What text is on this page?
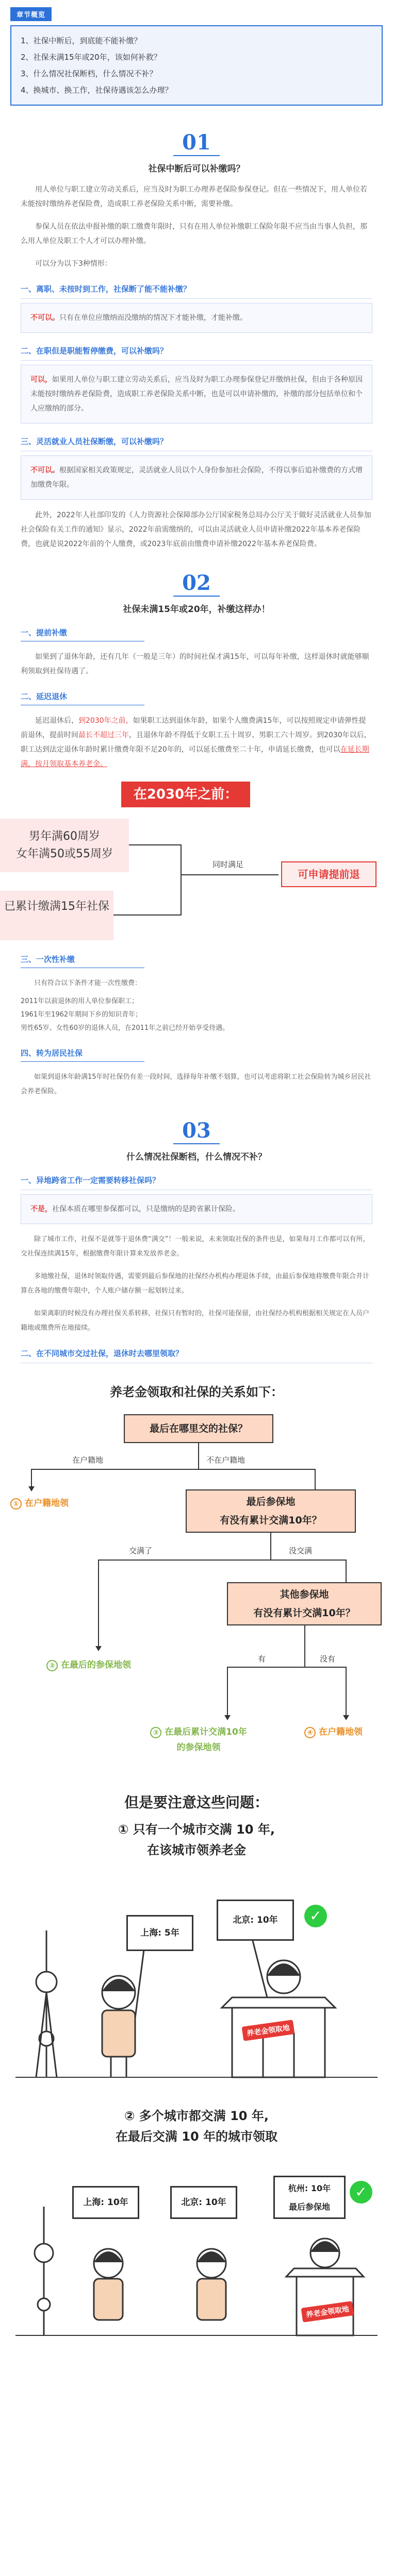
章节概览
1、社保中断后，到底能不能补缴？
2、社保未满15年或20年，该如何补救？
3、什么情况社保断档，什么情况不补？
4、换城市、换工作，社保待遇该怎么办理？
01
社保中断后可以补缴吗？
用人单位与职工建立劳动关系后，应当及时为职工办理养老保险参保登记。但在一些情况下，用人单位若未能按时缴纳养老保险费，造成职工养老保险关系中断，需要补缴。
参保人员在依法申报补缴的职工缴费年限时，只有在用人单位补缴职工保险年限不应当由当事人负担，那么用人单位及职工个人才可以办理补缴。
可以分为以下3种情形：
一、离职、未按时到工作，社保断了能不能补缴？
不可以。只有在单位应缴纳而没缴纳的情况下才能补缴，才能补缴。
二、在职但是职能暂停缴费，可以补缴吗？
可以，如果用人单位与职工建立劳动关系后，应当及时为职工办理参保登记并缴纳社保，但由于各种原因未能按时缴纳养老保险费，造成职工养老保险关系中断，也是可以申请补缴的，补缴的部分包括单位和个人应缴纳的部分。
三、灵活就业人员社保断缴，可以补缴吗？
不可以。根据国家相关政策规定，灵活就业人员以个人身份参加社会保险，不得以事后追补缴费的方式增加缴费年限。
此外，2022年人社部印发的《人力资源社会保障部办公厅国家税务总局办公厅关于做好灵活就业人员参加社会保险有关工作的通知》显示，2022年前需缴纳的，可以由灵活就业人员申请补缴2022年基本养老保险费，也就是说2022年前的个人缴费，或2023年底前由缴费申请补缴2022年基本养老保险费。
02
社保未满15年或20年，补缴这样办！
一、提前补缴
如果到了退休年龄，还有几年（一般是三年）的时间社保才满15年，可以每年补缴，这样退休时就能够顺利领取到社保待遇了。
二、延迟退休
延迟退休后，到2030年之前，如果职工达到退休年龄，如果个人缴费满15年，可以按照规定申请弹性提前退休，提前时间最长不超过三年，且退休年龄不得低于女职工五十周岁、男职工六十周岁。到2030年以后，职工达到法定退休年龄时累计缴费年限不足20年的，可以延长缴费至二十年，申请延长缴费，也可以在延长期满，按月领取基本养老金。
在2030年之前：
男年满60周岁
女年满50或55周岁
已累计缴满15年社保
同时满足
可申请提前退
三、一次性补缴
只有符合以下条件才能一次性缴费：
2011年以前退休的用人单位参保职工；
1961年至1962年期间下乡的知识青年；
男性65岁、女性60岁的退休人员，在2011年之前已经开始享受待遇。
四、转为居民社保
如果到退休年龄满15年时社保仍有差一段时间，选择每年补缴不划算，也可以考虑将职工社会保险转为城乡居民社会养老保险。
03
什么情况社保断档，什么情况不补？
一、异地跨省工作一定需要转移社保吗？
不是，社保本质在哪里参保都可以，只是缴纳的是跨省累计保险。
除了城市工作，社保不是就等于退休费“满交”！一般来说，未来领取社保的条件也是，如果每月工作都可以有所，交社保连续满15年，根据缴费年限计算来发放养老金。
多地缴社保，退休时领取待遇，需要到最后参保地的社保经办机构办理退休手续，由最后参保地将缴费年限合并计算在各地的缴费年限中，个人账户储存额一起划转过来。
如果离职的时候没有办理社保关系转移，社保只有暂时的，社保可能保留，由社保经办机构根据相关规定在人员户籍地或缴费所在地接续。
二、在不同城市交过社保，退休时去哪里领取？
养老金领取和社保的关系如下：
最后在哪里交的社保？
在户籍地	不在户籍地
① 在户籍地领	最后参保地
有没有累计交满10年？
交满了	没交满
② 在最后的参保地领
其他参保地
有没有累计交满10年？
有	没有
③ 在最后累计交满10年
的参保地领
④ 在户籍地领
但是要注意这些问题：
① 只有一个城市交满 10 年,
在该城市领养老金
上海: 5年
北京: 10年	✓
养老金领取地
② 多个城市都交满 10 年,
在最后交满 10 年的城市领取
上海: 10年	北京: 10年
杭州: 10年
最后参保地
✓
养老金领取地
